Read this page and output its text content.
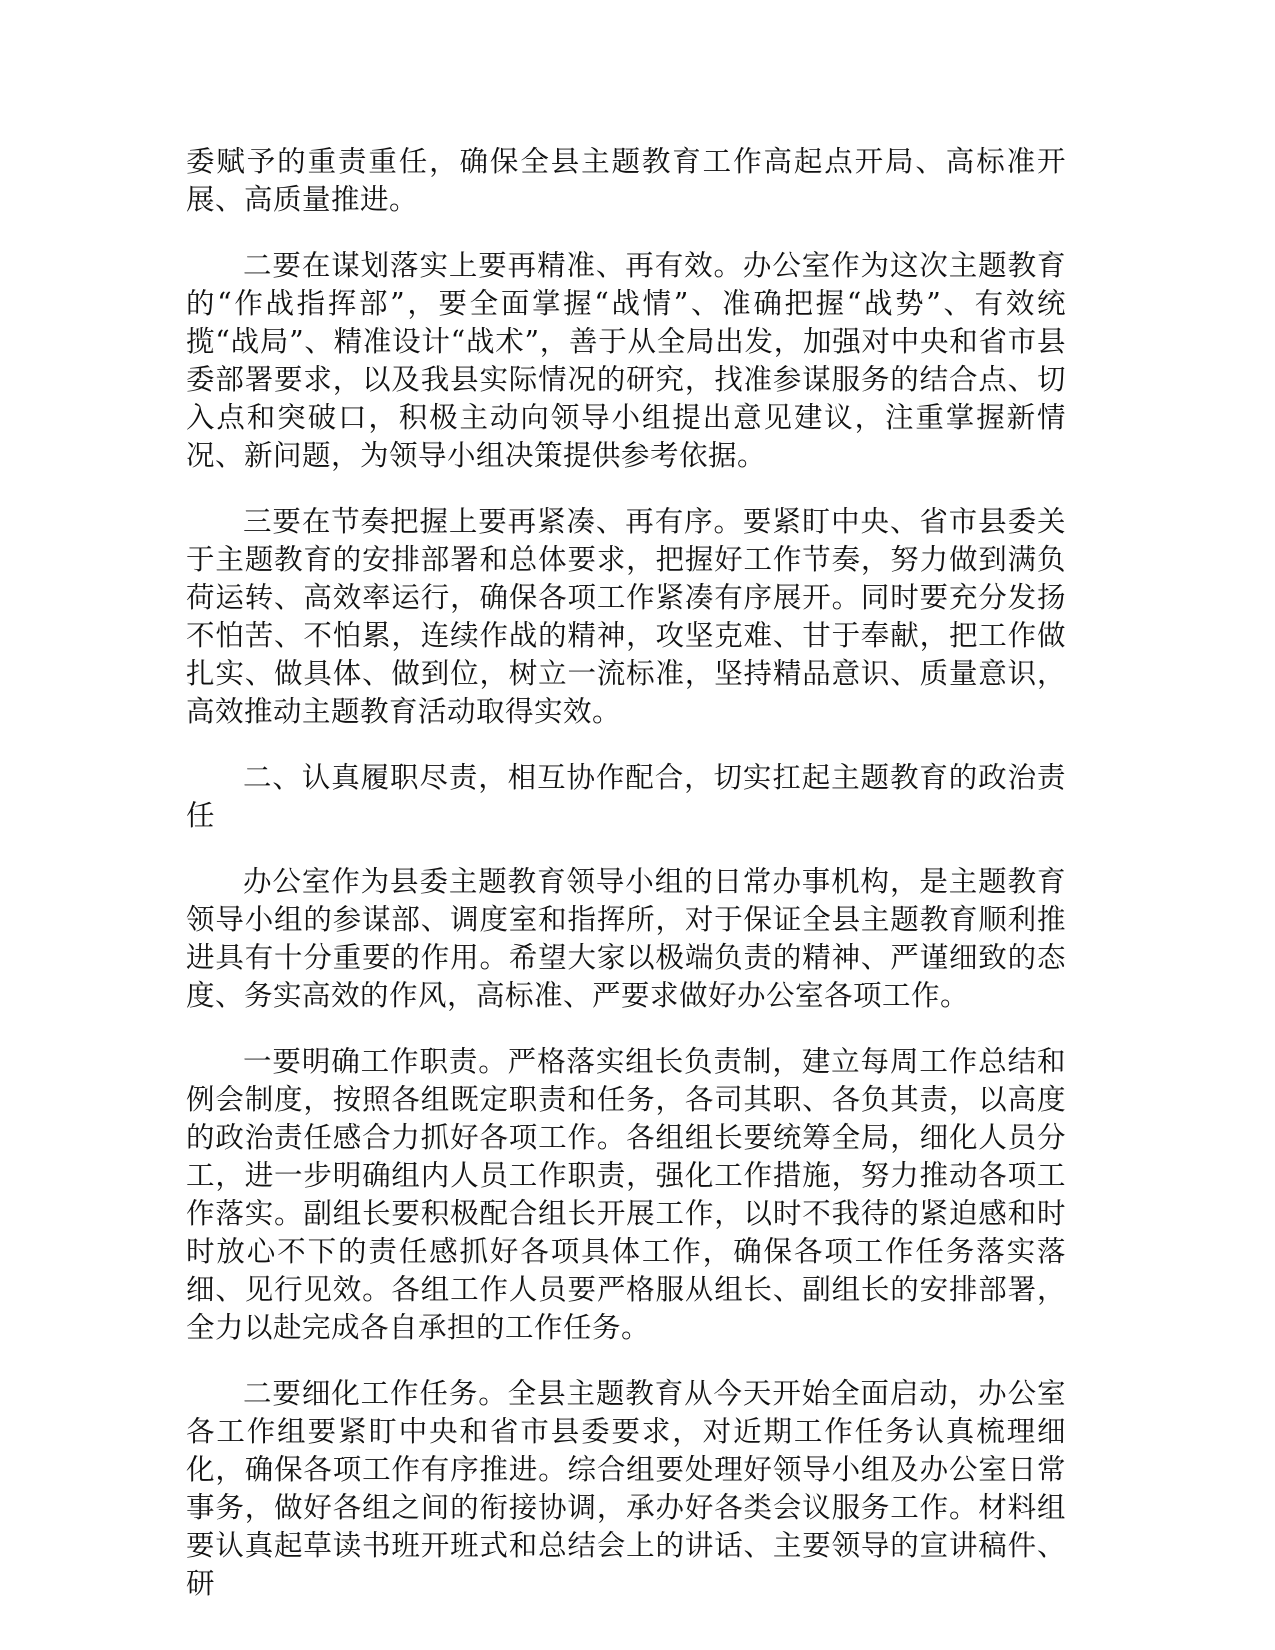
委赋予的重责重任，确保全县主题教育工作高起点开局、高标准开展、高质量推进。

二要在谋划落实上要再精准、再有效。办公室作为这次主题教育的“作战指挥部”，要全面掌握“战情”、准确把握“战势”、有效统揽“战局”、精准设计“战术”，善于从全局出发，加强对中央和省市县委部署要求，以及我县实际情况的研究，找准参谋服务的结合点、切入点和突破口，积极主动向领导小组提出意见建议，注重掌握新情况、新问题，为领导小组决策提供参考依据。

三要在节奏把握上要再紧凑、再有序。要紧盯中央、省市县委关于主题教育的安排部署和总体要求，把握好工作节奏，努力做到满负荷运转、高效率运行，确保各项工作紧凑有序展开。同时要充分发扬不怕苦、不怕累，连续作战的精神，攻坚克难、甘于奉献，把工作做扎实、做具体、做到位，树立一流标准，坚持精品意识、质量意识，高效推动主题教育活动取得实效。

二、认真履职尽责，相互协作配合，切实扛起主题教育的政治责任

办公室作为县委主题教育领导小组的日常办事机构，是主题教育领导小组的参谋部、调度室和指挥所，对于保证全县主题教育顺利推进具有十分重要的作用。希望大家以极端负责的精神、严谨细致的态度、务实高效的作风，高标准、严要求做好办公室各项工作。

一要明确工作职责。严格落实组长负责制，建立每周工作总结和例会制度，按照各组既定职责和任务，各司其职、各负其责，以高度的政治责任感合力抓好各项工作。各组组长要统筹全局，细化人员分工，进一步明确组内人员工作职责，强化工作措施，努力推动各项工作落实。副组长要积极配合组长开展工作，以时不我待的紧迫感和时时放心不下的责任感抓好各项具体工作，确保各项工作任务落实落细、见行见效。各组工作人员要严格服从组长、副组长的安排部署，全力以赴完成各自承担的工作任务。

二要细化工作任务。全县主题教育从今天开始全面启动，办公室各工作组要紧盯中央和省市县委要求，对近期工作任务认真梳理细化，确保各项工作有序推进。综合组要处理好领导小组及办公室日常事务，做好各组之间的衔接协调，承办好各类会议服务工作。材料组要认真起草读书班开班式和总结会上的讲话、主要领导的宣讲稿件、研
